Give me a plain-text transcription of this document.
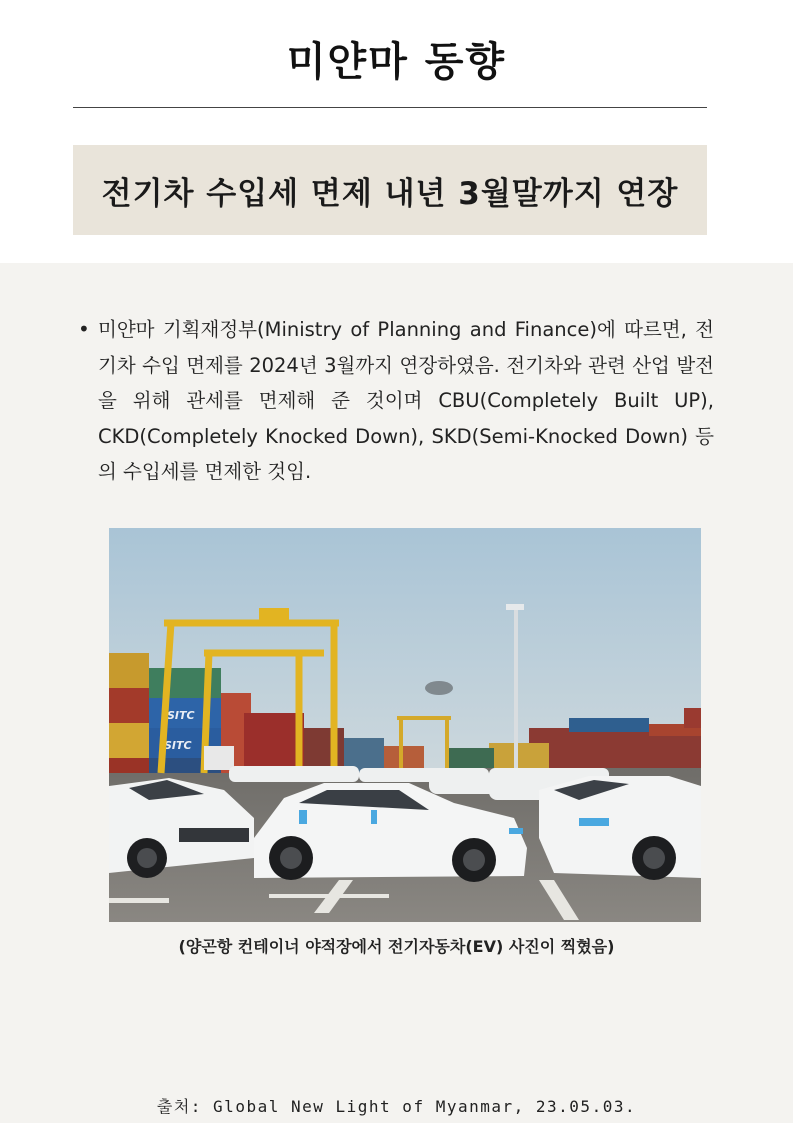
미얀마 동향
전기차 수입세 면제 내년 3월말까지 연장
• 미얀마 기획재정부(Ministry of Planning and Finance)에 따르면, 전기차 수입 면제를 2024년 3월까지 연장하였음. 전기차와 관련 산업 발전을 위해 관세를 면제해 준 것이며 CBU(Completely Built UP), CKD(Completely Knocked Down), SKD(Semi-Knocked Down) 등의 수입세를 면제한 것임.
SITC
SITC
(양곤항 컨테이너 야적장에서 전기자동차(EV) 사진이 찍혔음)
출처: Global New Light of Myanmar, 23.05.03.
